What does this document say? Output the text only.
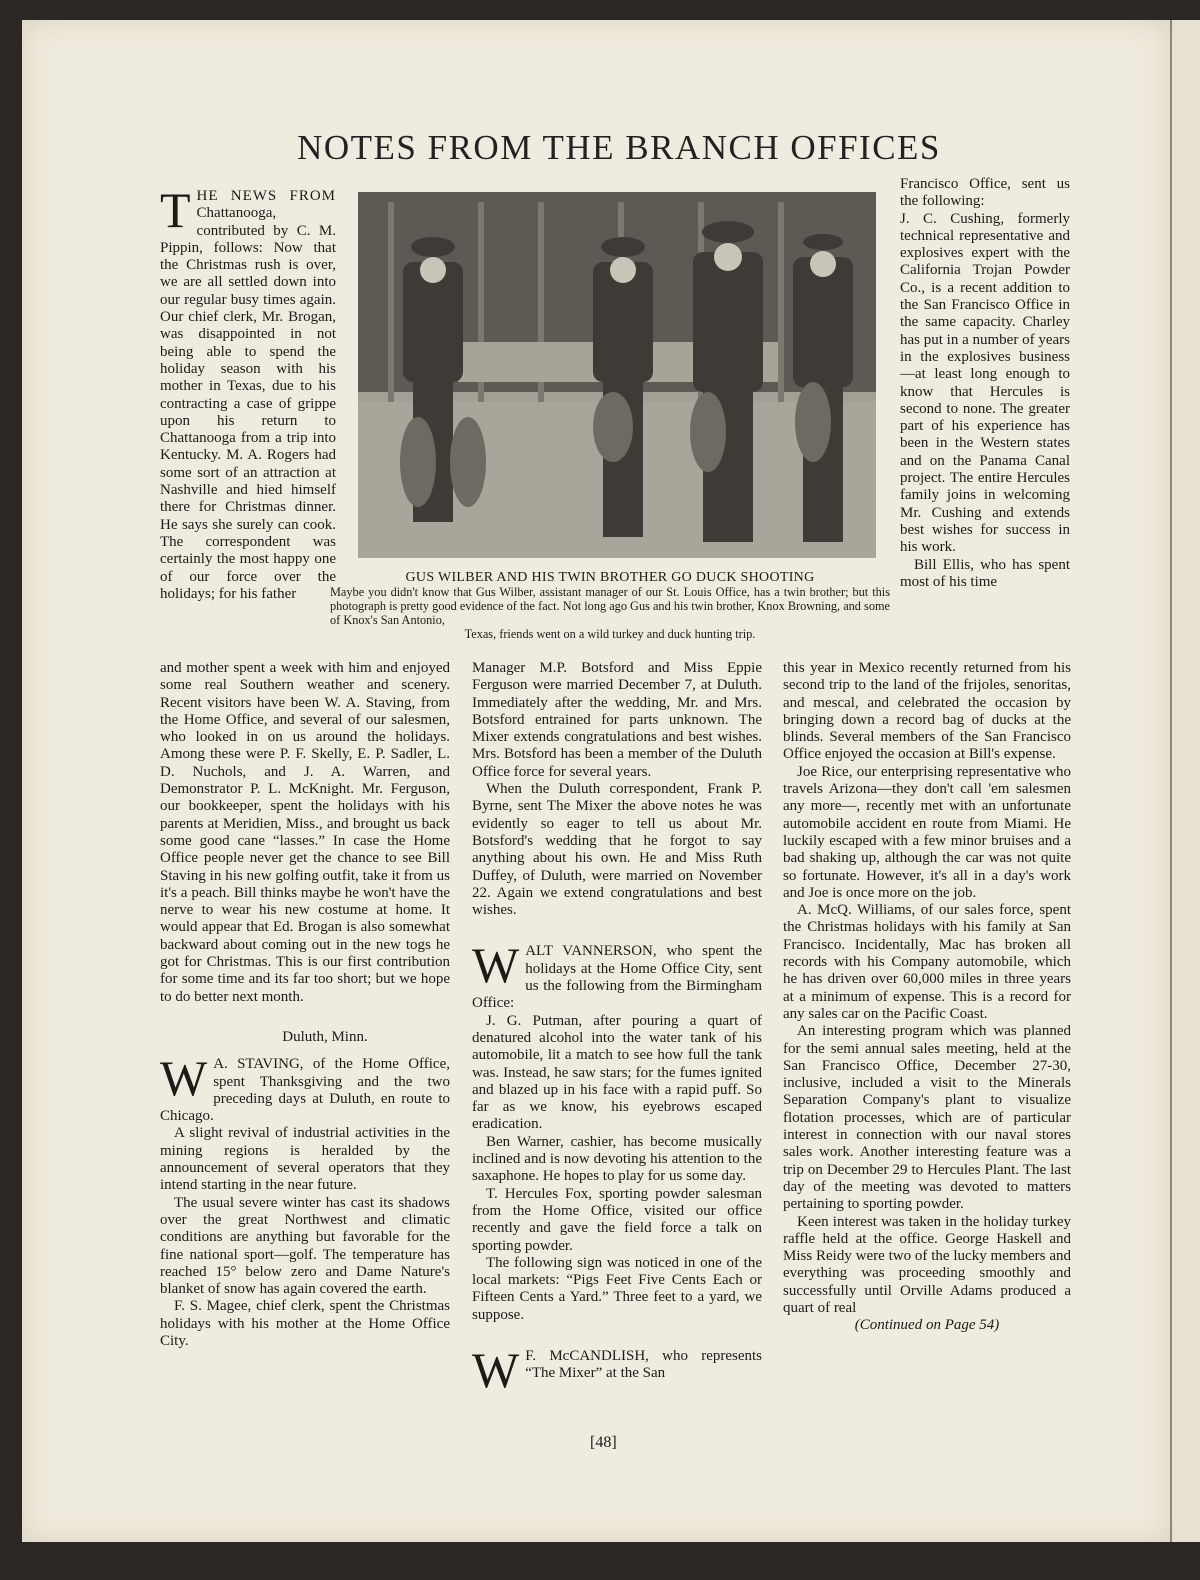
NOTES FROM THE BRANCH OFFICES
GUS WILBER AND HIS TWIN BROTHER GO DUCK SHOOTING
Maybe you didn't know that Gus Wilber, assistant manager of our St. Louis Office, has a twin brother; but this photograph is pretty good evidence of the fact. Not long ago Gus and his twin brother, Knox Browning, and some of Knox's San Antonio,
Texas, friends went on a wild turkey and duck hunting trip.

THE NEWS FROM Chattanooga, contributed by C. M. Pippin, follows: Now that the Christmas rush is over, we are all settled down into our regular busy times again. Our chief clerk, Mr. Brogan, was disappointed in not being able to spend the holiday season with his mother in Texas, due to his contracting a case of grippe upon his return to Chattanooga from a trip into Kentucky. M. A. Rogers had some sort of an attraction at Nashville and hied himself there for Christmas dinner. He says she surely can cook. The correspondent was certainly the most happy one of our force over the holidays; for his father

and mother spent a week with him and enjoyed some real Southern weather and scenery. Recent visitors have been W. A. Staving, from the Home Office, and several of our salesmen, who looked in on us around the holidays. Among these were P. F. Skelly, E. P. Sadler, L. D. Nuchols, and J. A. Warren, and Demonstrator P. L. McKnight. Mr. Ferguson, our bookkeeper, spent the holidays with his parents at Meridien, Miss., and brought us back some good cane “lasses.” In case the Home Office people never get the chance to see Bill Staving in his new golfing outfit, take it from us it's a peach. Bill thinks maybe he won't have the nerve to wear his new costume at home. It would appear that Ed. Brogan is also somewhat backward about coming out in the new togs he got for Christmas. This is our first contribution for some time and its far too short; but we hope to do better next month.

Duluth, Minn.

W A. STAVING, of the Home Office, spent Thanksgiving and the two preceding days at Duluth, en route to Chicago.

A slight revival of industrial activities in the mining regions is heralded by the announcement of several operators that they intend starting in the near future.

The usual severe winter has cast its shadows over the great Northwest and climatic conditions are anything but favorable for the fine national sport—golf. The temperature has reached 15° below zero and Dame Nature's blanket of snow has again covered the earth.

F. S. Magee, chief clerk, spent the Christmas holidays with his mother at the Home Office City.

Manager M.P. Botsford and Miss Eppie Ferguson were married December 7, at Duluth. Immediately after the wedding, Mr. and Mrs. Botsford entrained for parts unknown. The Mixer extends congratulations and best wishes. Mrs. Botsford has been a member of the Duluth Office force for several years.

When the Duluth correspondent, Frank P. Byrne, sent The Mixer the above notes he was evidently so eager to tell us about Mr. Botsford's wedding that he forgot to say anything about his own. He and Miss Ruth Duffey, of Duluth, were married on November 22. Again we extend congratulations and best wishes.

WALT VANNERSON, who spent the holidays at the Home Office City, sent us the following from the Birmingham Office:

J. G. Putman, after pouring a quart of denatured alcohol into the water tank of his automobile, lit a match to see how full the tank was. Instead, he saw stars; for the fumes ignited and blazed up in his face with a rapid puff. So far as we know, his eyebrows escaped eradication.

Ben Warner, cashier, has become musically inclined and is now devoting his attention to the saxaphone. He hopes to play for us some day.

T. Hercules Fox, sporting powder salesman from the Home Office, visited our office recently and gave the field force a talk on sporting powder.

The following sign was noticed in one of the local markets: “Pigs Feet Five Cents Each or Fifteen Cents a Yard.” Three feet to a yard, we suppose.

W F. McCANDLISH, who represents “The Mixer” at the San

Francisco Office, sent us the following:

J. C. Cushing, formerly technical representative and explosives expert with the California Trojan Powder Co., is a recent addition to the San Francisco Office in the same capacity. Charley has put in a number of years in the explosives business—at least long enough to know that Hercules is second to none. The greater part of his experience has been in the Western states and on the Panama Canal project. The entire Hercules family joins in welcoming Mr. Cushing and extends best wishes for success in his work.

Bill Ellis, who has spent most of his time

this year in Mexico recently returned from his second trip to the land of the frijoles, senoritas, and mescal, and celebrated the occasion by bringing down a record bag of ducks at the blinds. Several members of the San Francisco Office enjoyed the occasion at Bill's expense.

Joe Rice, our enterprising representative who travels Arizona—they don't call 'em salesmen any more—, recently met with an unfortunate automobile accident en route from Miami. He luckily escaped with a few minor bruises and a bad shaking up, although the car was not quite so fortunate. However, it's all in a day's work and Joe is once more on the job.

A. McQ. Williams, of our sales force, spent the Christmas holidays with his family at San Francisco. Incidentally, Mac has broken all records with his Company automobile, which he has driven over 60,000 miles in three years at a minimum of expense. This is a record for any sales car on the Pacific Coast.

An interesting program which was planned for the semi annual sales meeting, held at the San Francisco Office, December 27-30, inclusive, included a visit to the Minerals Separation Company's plant to visualize flotation processes, which are of particular interest in connection with our naval stores sales work. Another interesting feature was a trip on December 29 to Hercules Plant. The last day of the meeting was devoted to matters pertaining to sporting powder.

Keen interest was taken in the holiday turkey raffle held at the office. George Haskell and Miss Reidy were two of the lucky members and everything was proceeding smoothly and successfully until Orville Adams produced a quart of real

(Continued on Page 54)

[48]
